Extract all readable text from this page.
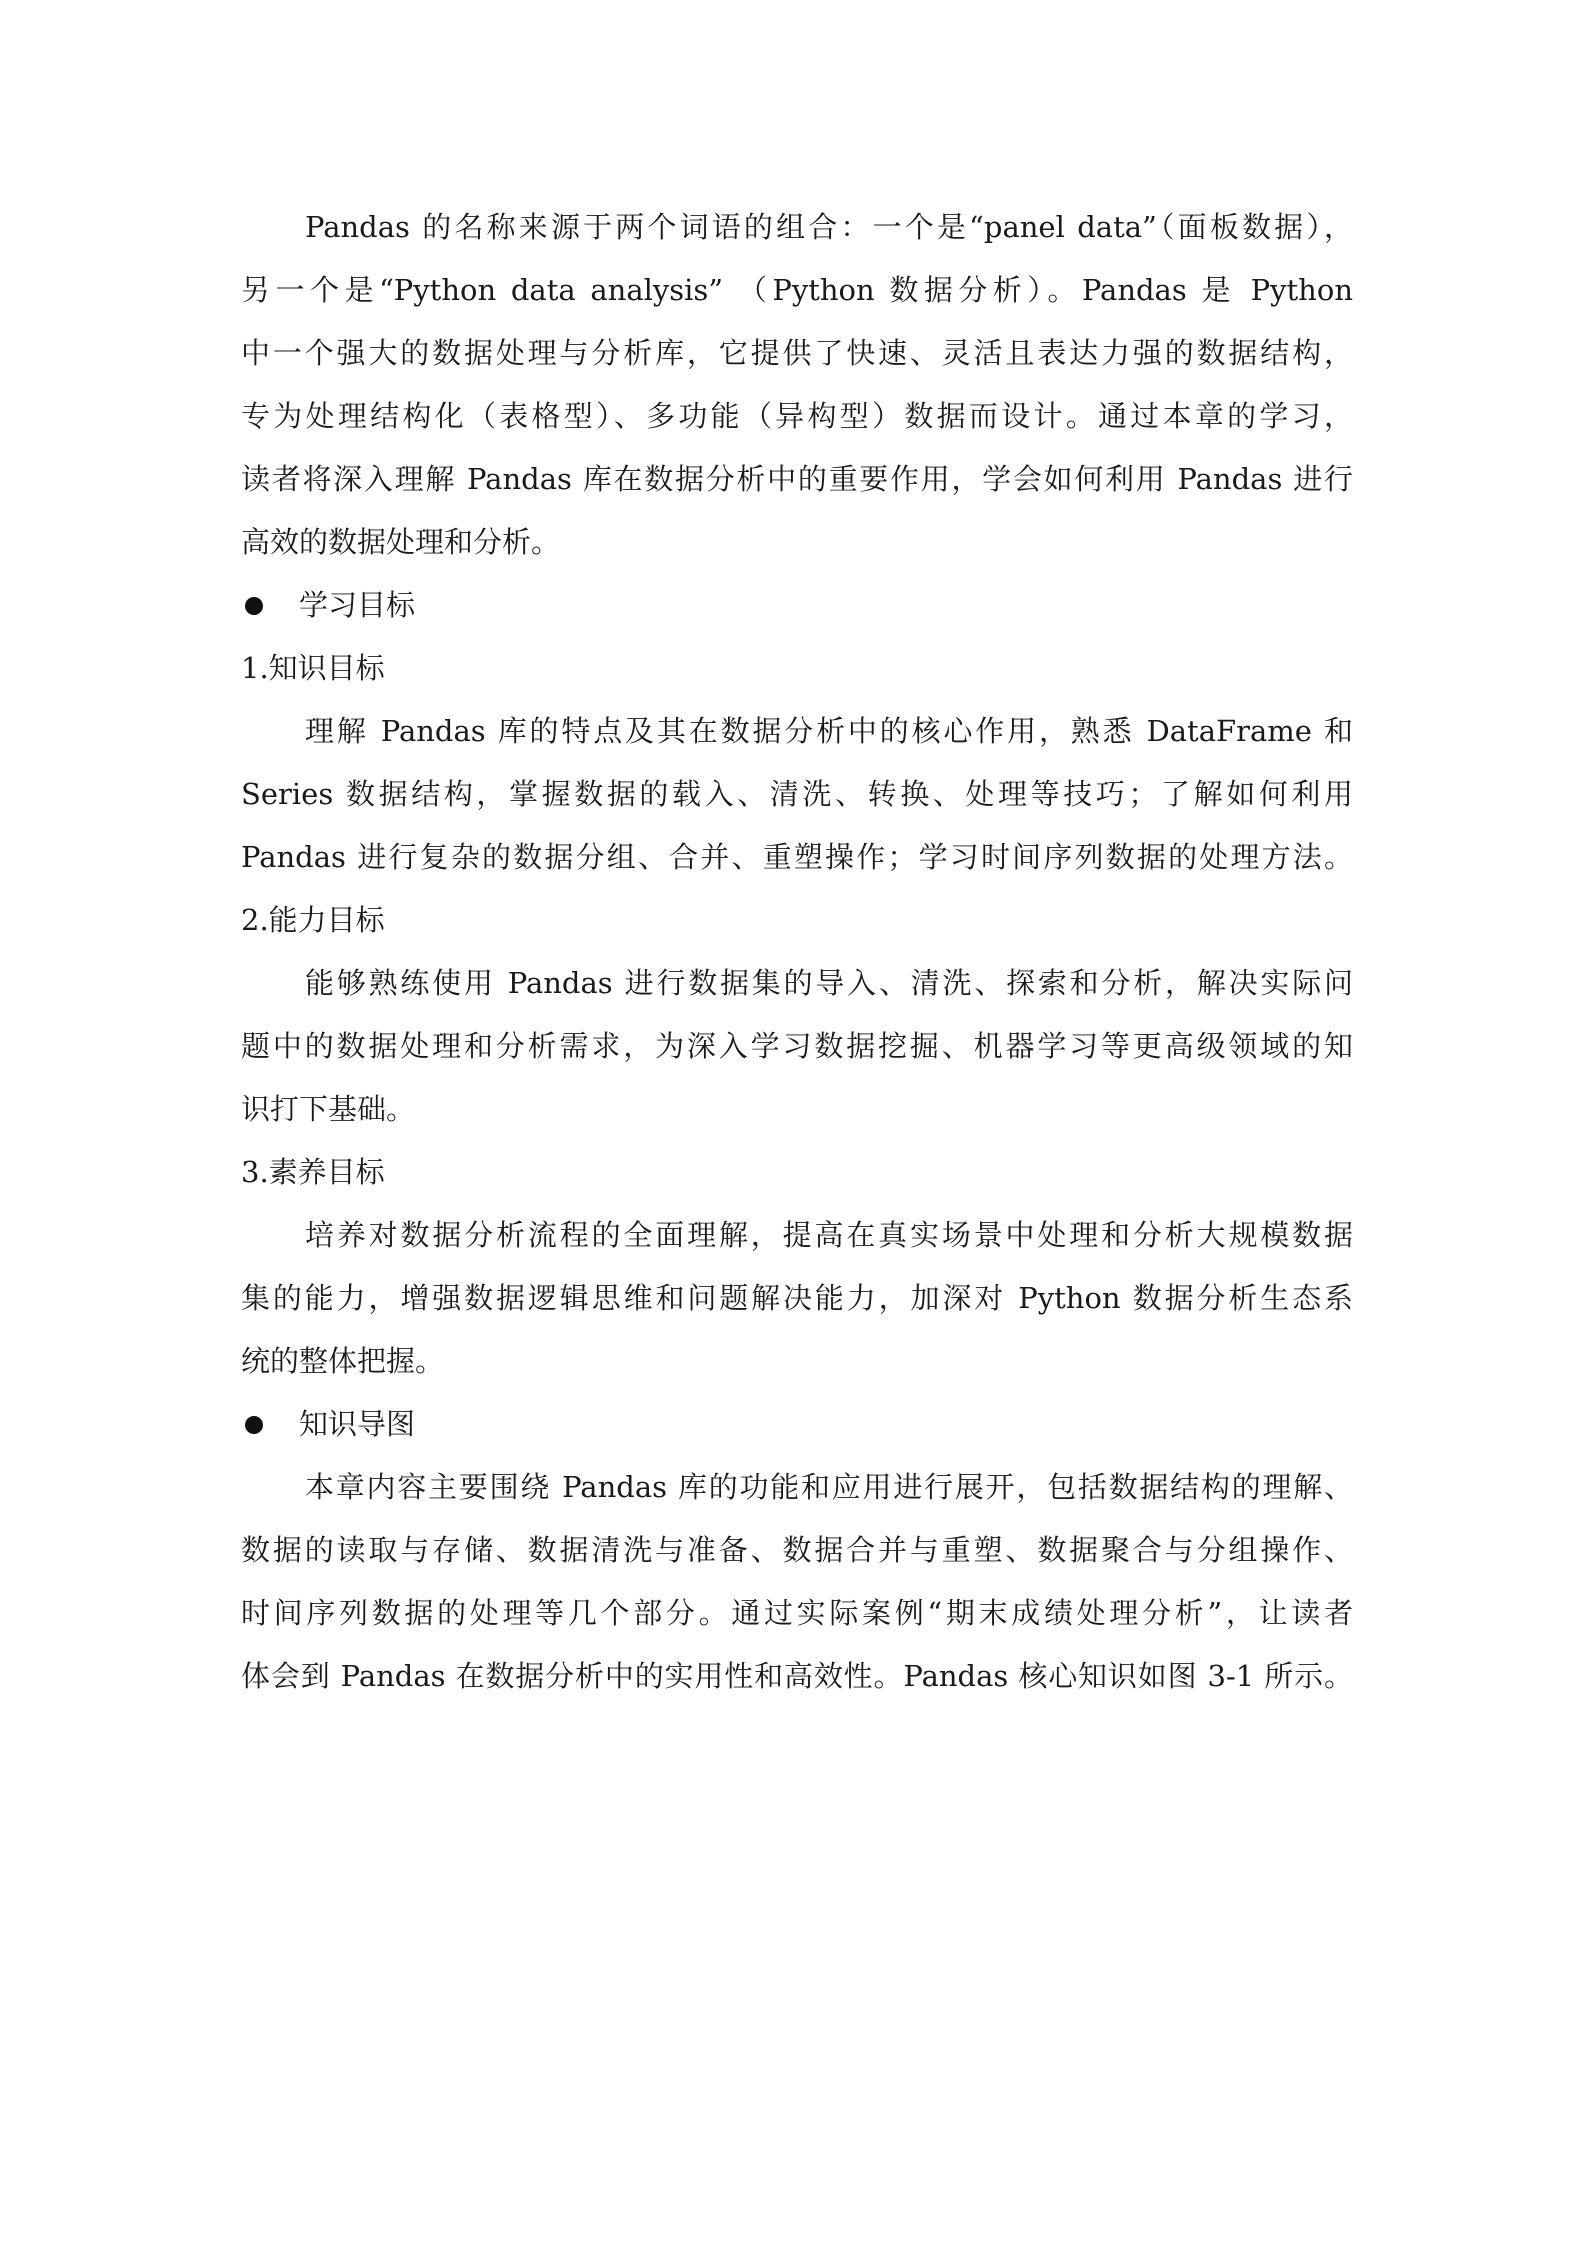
Pandas 的名称来源于两个词语的组合：一个是“panel data”（面板数据），
另一个是“Python data analysis” （Python 数据分析）。Pandas 是 Python
中一个强大的数据处理与分析库，它提供了快速、灵活且表达力强的数据结构，
专为处理结构化（表格型）、多功能（异构型）数据而设计。通过本章的学习，
读者将深入理解 Pandas 库在数据分析中的重要作用，学会如何利用 Pandas 进行
高效的数据处理和分析。
学习目标
1.知识目标
理解 Pandas 库的特点及其在数据分析中的核心作用，熟悉 DataFrame 和
Series 数据结构，掌握数据的载入、清洗、转换、处理等技巧；了解如何利用
Pandas 进行复杂的数据分组、合并、重塑操作；学习时间序列数据的处理方法。
2.能力目标
能够熟练使用 Pandas 进行数据集的导入、清洗、探索和分析，解决实际问
题中的数据处理和分析需求，为深入学习数据挖掘、机器学习等更高级领域的知
识打下基础。
3.素养目标
培养对数据分析流程的全面理解，提高在真实场景中处理和分析大规模数据
集的能力，增强数据逻辑思维和问题解决能力，加深对 Python 数据分析生态系
统的整体把握。
知识导图
本章内容主要围绕 Pandas 库的功能和应用进行展开，包括数据结构的理解、
数据的读取与存储、数据清洗与准备、数据合并与重塑、数据聚合与分组操作、
时间序列数据的处理等几个部分。通过实际案例“期末成绩处理分析”，让读者
体会到 Pandas 在数据分析中的实用性和高效性。Pandas 核心知识如图 3-1 所示。
